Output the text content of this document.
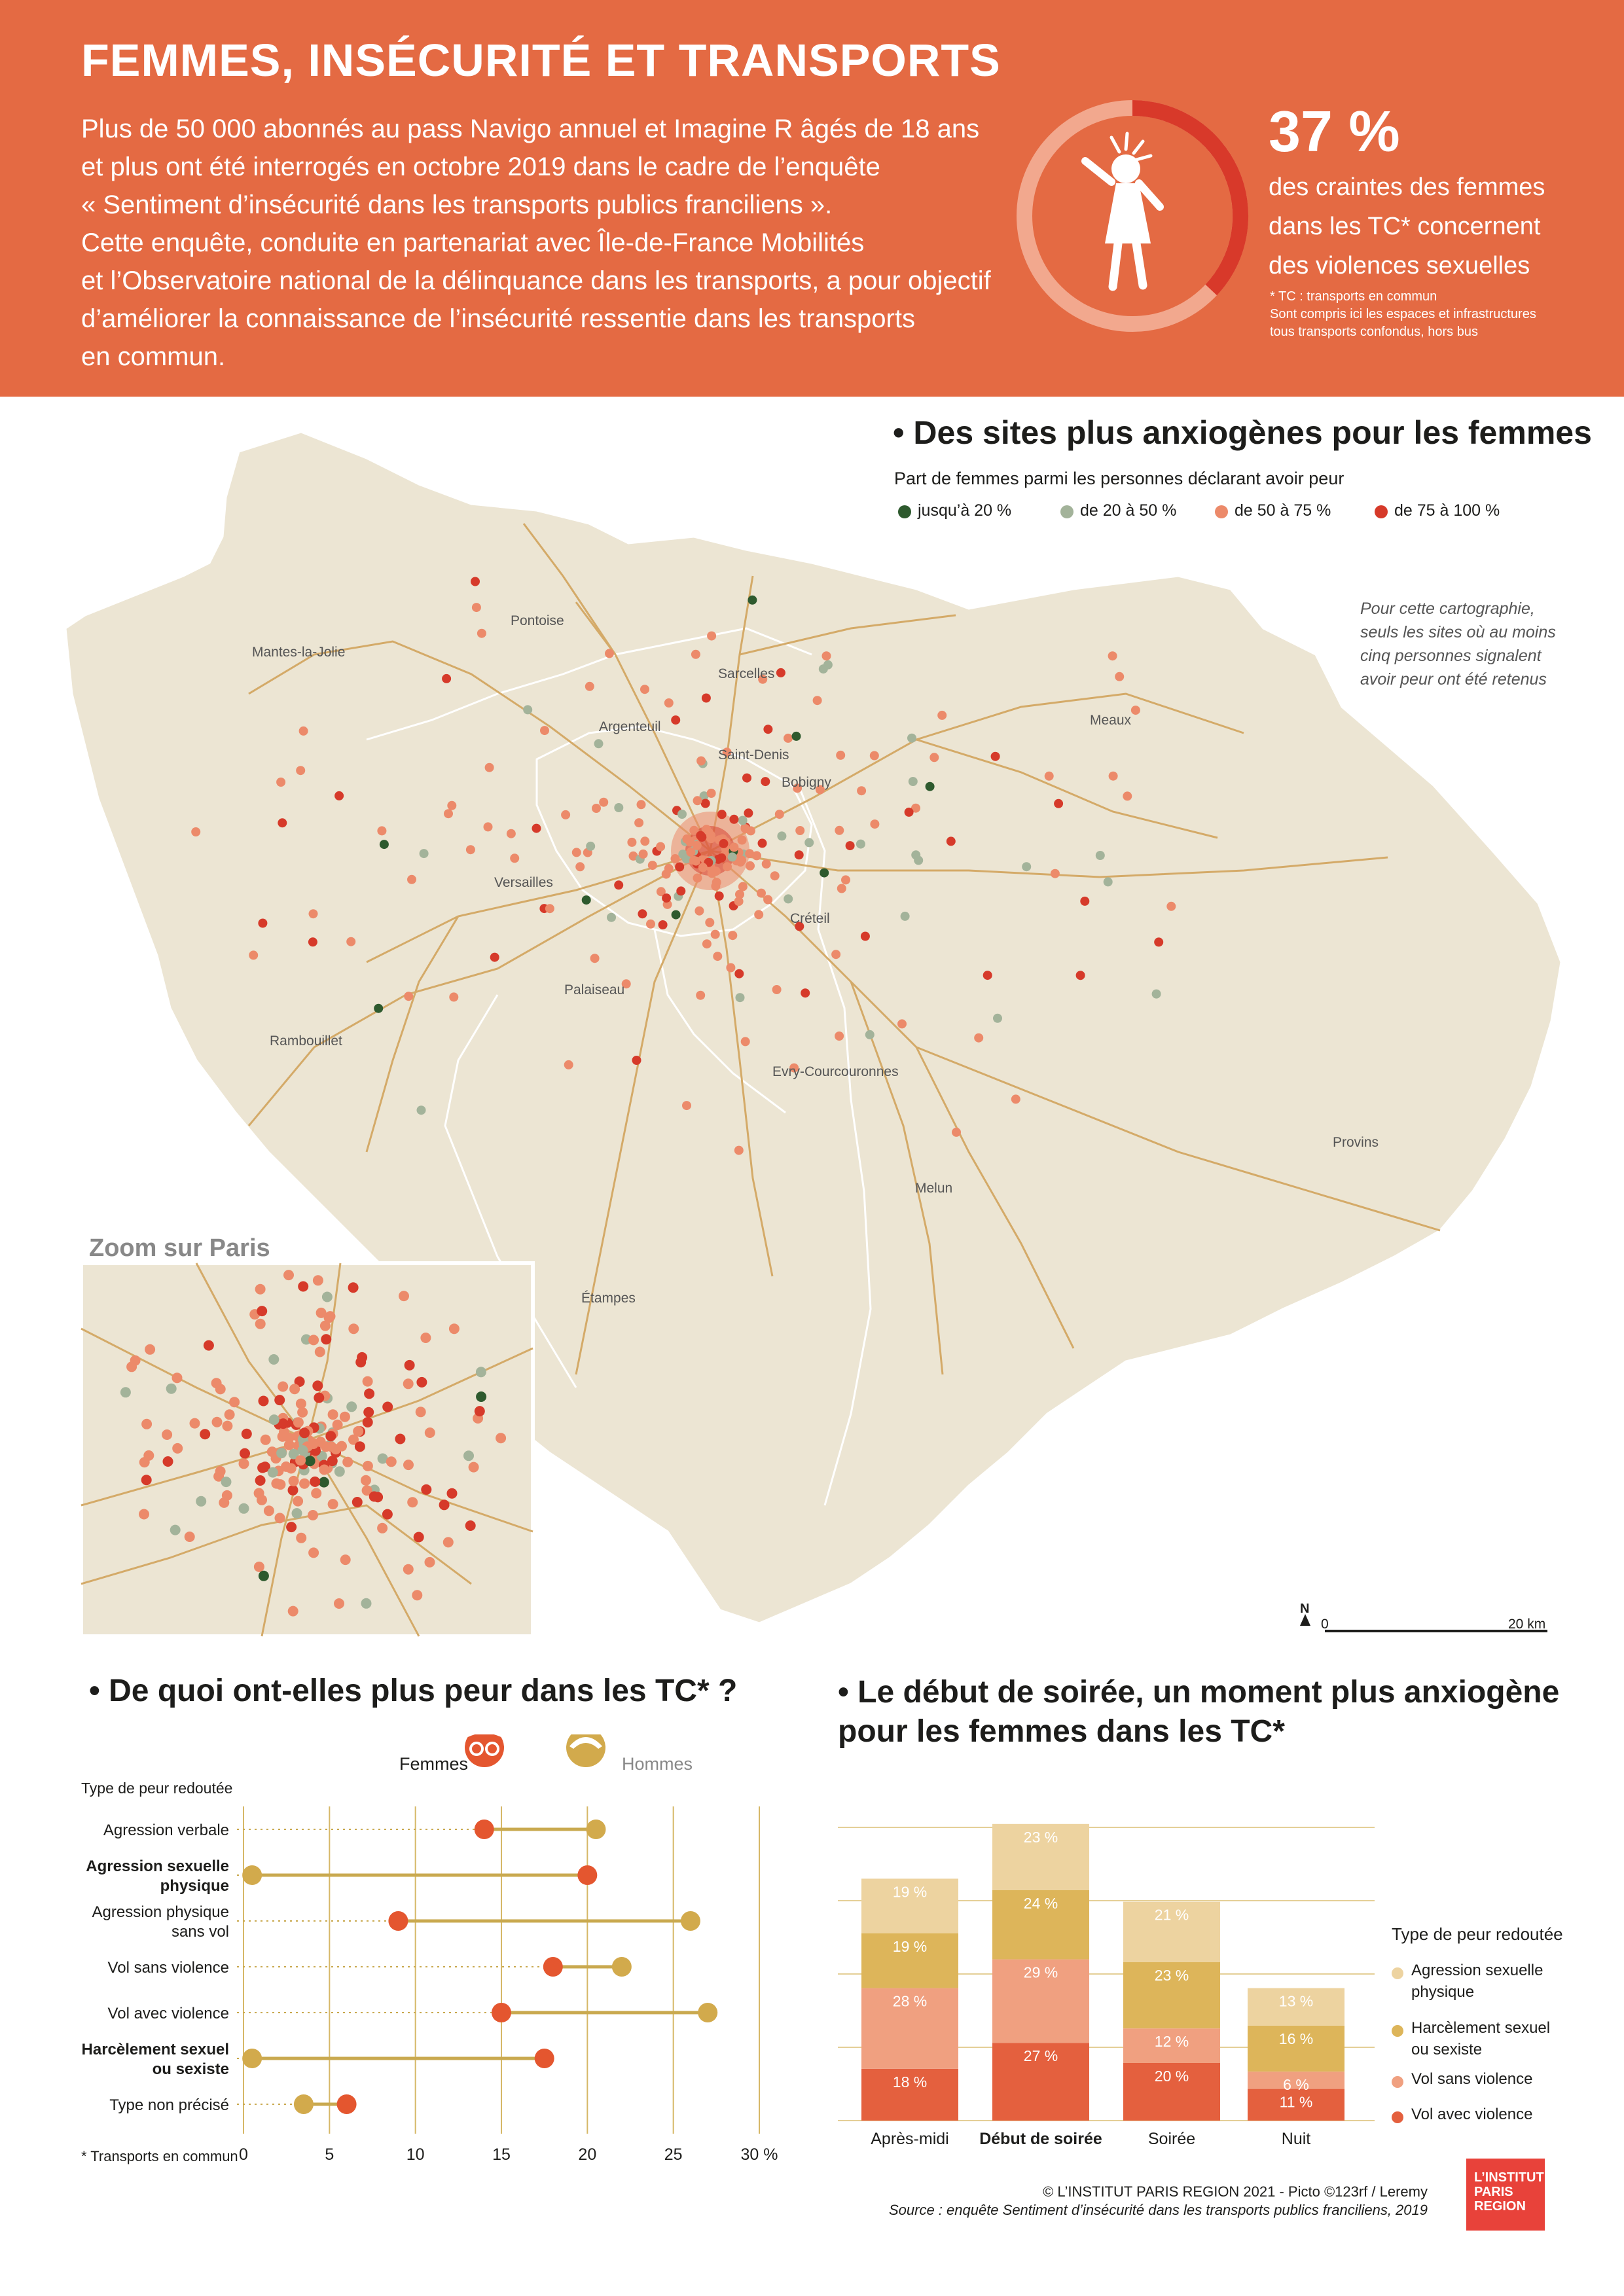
FEMMES, INSÉCURITÉ ET TRANSPORTS

Plus de 50 000 abonnés au pass Navigo annuel et Imagine R âgés de 18 ans

et plus ont été interrogés en octobre 2019 dans le cadre de l’enquête

« Sentiment d’insécurité dans les transports publics franciliens ».

Cette enquête, conduite en partenariat avec Île-de-France Mobilités

et l’Observatoire national de la délinquance dans les transports, a pour objectif

d’améliorer la connaissance de l’insécurité ressentie dans les transports

en commun.

37 %
des craintes des femmes
dans les TC* concernent
des violences sexuelles
* TC : transports en commun
Sont compris ici les espaces et infrastructures
tous transports confondus, hors bus
Pontoise
Mantes-la-Jolie
Sarcelles
Argenteuil
Saint-Denis
Bobigny
Meaux
Versailles
Créteil
Palaiseau
Rambouillet
Evry-Courcouronnes
Provins
Melun
Étampes
N
• Des sites plus anxiogènes pour les femmes
Part de femmes parmi les personnes déclarant avoir peur
jusqu’à 20 %	de 20 à 50 %	de 50 à 75 %	de 75 à 100 %
Pour cette cartographie,
seuls les sites où au moins
cinq personnes signalent
avoir peur ont été retenus
Zoom sur Paris
0	20 km
• De quoi ont-elles plus peur dans les TC* ?
Femmes	Hommes
Type de peur redoutée
0	5	10	15	20	25	30 %
Agression verbale
Agression sexuelle
physique
Agression physique
sans vol
Vol sans violence
Vol avec violence
Harcèlement sexuel
ou sexiste
Type non précisé
* Transports en commun
• Le début de soirée, un moment plus anxiogène
pour les femmes dans les TC*
18 %
27 %
20 %
11 %
28 %
29 %
12 %
6 %
19 %
24 %
23 %
16 %
19 %
23 %
21 %
13 %
Après-midi Début de soirée	Soirée	Nuit
Type de peur redoutée
Agression sexuelle
physique
Harcèlement sexuel
ou sexiste
Vol sans violence
Vol avec violence
© L’INSTITUT PARIS REGION 2021 - Picto ©123rf / Leremy
Source : enquête Sentiment d’insécurité dans les transports publics franciliens, 2019
L’INSTITUT
PARIS
REGION
